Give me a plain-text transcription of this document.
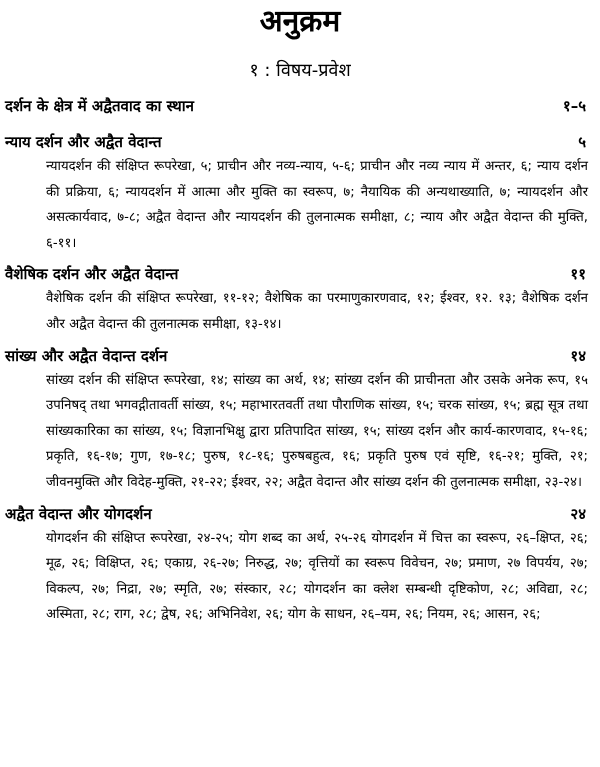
अनुक्रम
१ : विषय-प्रवेश
दर्शन के क्षेत्र में अद्वैतवाद का स्थान	१–५
न्याय दर्शन और अद्वैत वेदान्त	५
न्यायदर्शन की संक्षिप्त रूपरेखा, ५; प्राचीन और नव्य-न्याय, ५-६; प्राचीन और नव्य न्याय में अन्तर, ६; न्याय दर्शन की प्रक्रिया, ६; न्यायदर्शन में आत्मा और मुक्ति का स्वरूप, ७; नैयायिक की अन्यथाख्याति, ७; न्यायदर्शन और असत्कार्यवाद, ७-८; अद्वैत वेदान्त और न्यायदर्शन की तुलनात्मक समीक्षा, ८; न्याय और अद्वैत वेदान्त की मुक्ति, ६-११।
वैशेषिक दर्शन और अद्वैत वेदान्त	११
वैशेषिक दर्शन की संक्षिप्त रूपरेखा, ११-१२; वैशेषिक का परमाणुकारणवाद, १२; ईश्वर, १२. १३; वैशेषिक दर्शन और अद्वैत वेदान्त की तुलनात्मक समीक्षा, १३-१४।
सांख्य और अद्वैत वेदान्त दर्शन	१४
सांख्य दर्शन की संक्षिप्त रूपरेखा, १४; सांख्य का अर्थ, १४; सांख्य दर्शन की प्राचीनता और उसके अनेक रूप, १५ उपनिषद् तथा भगवद्गीतावर्ती सांख्य, १५; महाभारतवर्ती तथा पौराणिक सांख्य, १५; चरक सांख्य, १५; ब्रह्म सूत्र तथा सांख्यकारिका का सांख्य, १५; विज्ञानभिक्षु द्वारा प्रतिपादित सांख्य, १५; सांख्य दर्शन और कार्य-कारणवाद, १५-१६; प्रकृति, १६-१७; गुण, १७-१८; पुरुष, १८-१६; पुरुषबहुत्व, १६; प्रकृति पुरुष एवं सृष्टि, १६-२१; मुक्ति, २१; जीवनमुक्ति और विदेह-मुक्ति, २१-२२; ईश्वर, २२; अद्वैत वेदान्त और सांख्य दर्शन की तुलनात्मक समीक्षा, २३-२४।
अद्वैत वेदान्त और योगदर्शन	२४
योगदर्शन की संक्षिप्त रूपरेखा, २४-२५; योग शब्द का अर्थ, २५-२६ योगदर्शन में चित्त का स्वरूप, २६–क्षिप्त, २६; मूढ, २६; विक्षिप्त, २६; एकाग्र, २६-२७; निरुद्ध, २७; वृत्तियों का स्वरूप विवेचन, २७; प्रमाण, २७ विपर्यय, २७; विकल्प, २७; निद्रा, २७; स्मृति, २७; संस्कार, २८; योगदर्शन का क्लेश सम्बन्धी दृष्टिकोण, २८; अविद्या, २८; अस्मिता, २८; राग, २८; द्वेष, २६; अभिनिवेश, २६; योग के साधन, २६–यम, २६; नियम, २६; आसन, २६;
